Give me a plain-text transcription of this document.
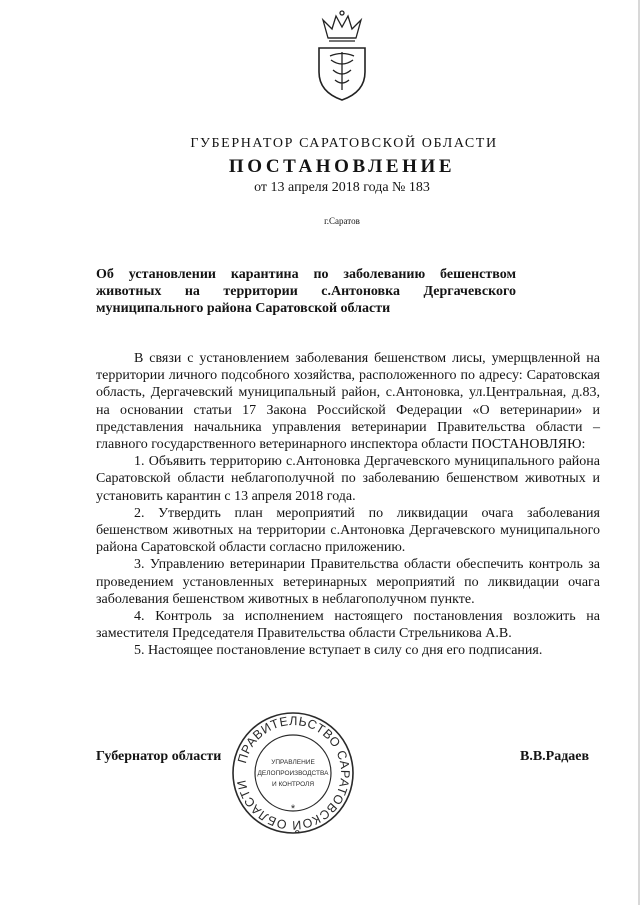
ГУБЕРНАТОР САРАТОВСКОЙ ОБЛАСТИ
ПОСТАНОВЛЕНИЕ
от 13 апреля 2018 года № 183
г.Саратов
Об установлении карантина по заболеванию бешенством
животных на территории с.Антоновка Дергачевского
муниципального района Саратовской области

В связи с установлением заболевания бешенством лисы, умерщвленной на территории личного подсобного хозяйства, расположенного по адресу: Саратовская область, Дергачевский муниципальный район, с.Антоновка, ул.Центральная, д.83, на основании статьи 17 Закона Российской Федерации «О ветеринарии» и представления начальника управления ветеринарии Правительства области – главного государственного ветеринарного инспектора области ПОСТАНОВЛЯЮ:

1. Объявить территорию с.Антоновка Дергачевского муниципального района Саратовской области неблагополучной по заболеванию бешенством животных и установить карантин с 13 апреля 2018 года.

2. Утвердить план мероприятий по ликвидации очага заболевания бешенством животных на территории с.Антоновка Дергачевского муниципального района Саратовской области согласно приложению.

3. Управлению ветеринарии Правительства области обеспечить контроль за проведением установленных ветеринарных мероприятий по ликвидации очага заболевания бешенством животных в неблагополучном пункте.

4. Контроль за исполнением настоящего постановления возложить на заместителя Председателя Правительства области Стрельникова А.В.

5. Настоящее постановление вступает в силу со дня его подписания.

Губернатор области	В.В.Радаев
ПРАВИТЕЛЬСТВО САРАТОВСКОЙ ОБЛАСТИ
*
УПРАВЛЕНИЕ
ДЕЛОПРОИЗВОДСТВА
И КОНТРОЛЯ
